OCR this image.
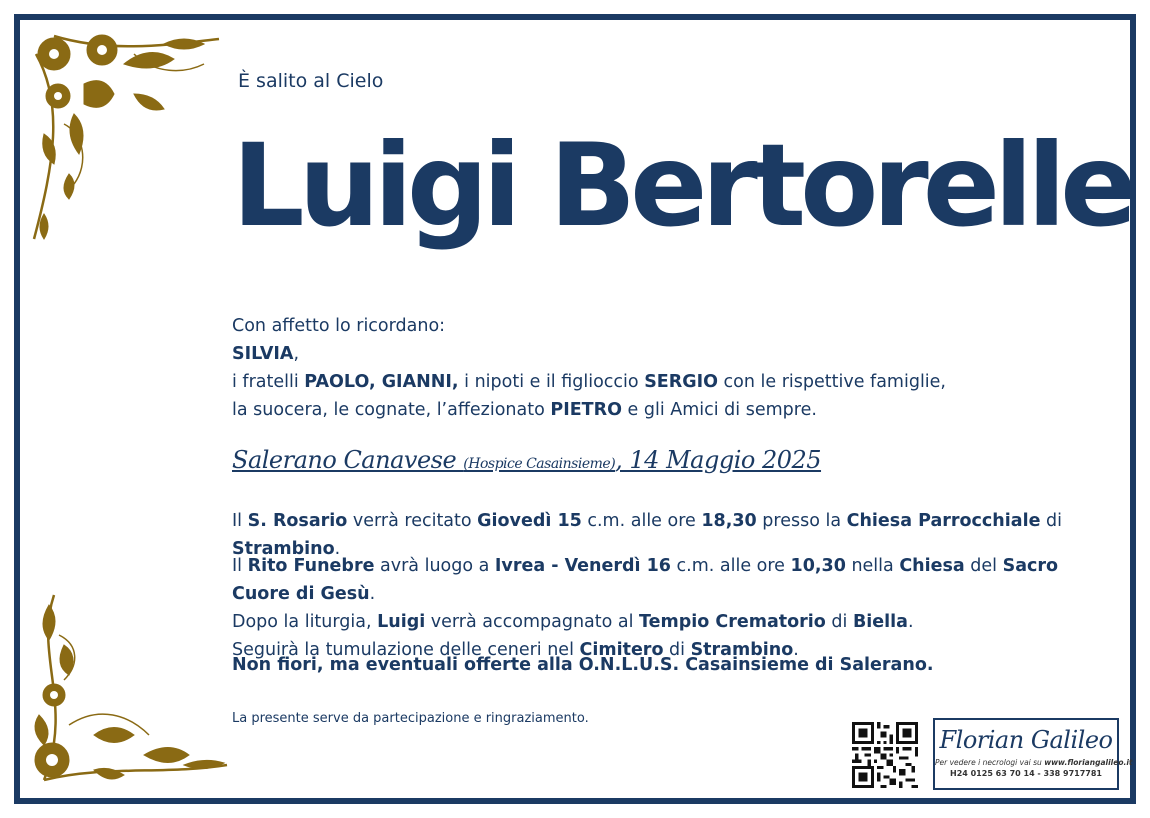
È salito al Cielo
Luigi Bertorelle
Con affetto lo ricordano:
SILVIA,
i fratelli PAOLO, GIANNI, i nipoti e il figlioccio SERGIO con le rispettive famiglie,
la suocera, le cognate, l’affezionato PIETRO e gli Amici di sempre.
Salerano Canavese (Hospice Casainsieme), 14 Maggio 2025
Il S. Rosario verrà recitato Giovedì 15 c.m. alle ore 18,30 presso la Chiesa Parrocchiale di Strambino.
Il Rito Funebre avrà luogo a Ivrea - Venerdì 16 c.m. alle ore 10,30 nella Chiesa del Sacro Cuore di Gesù.
Dopo la liturgia, Luigi verrà accompagnato al Tempio Crematorio di Biella.
Seguirà la tumulazione delle ceneri nel Cimitero di Strambino.
Non fiori, ma eventuali offerte alla O.N.L.U.S. Casainsieme di Salerano.
La presente serve da partecipazione e ringraziamento.
Florian Galileo
Per vedere i necrologi vai su www.floriangalileo.it
H24 0125 63 70 14 - 338 9717781
